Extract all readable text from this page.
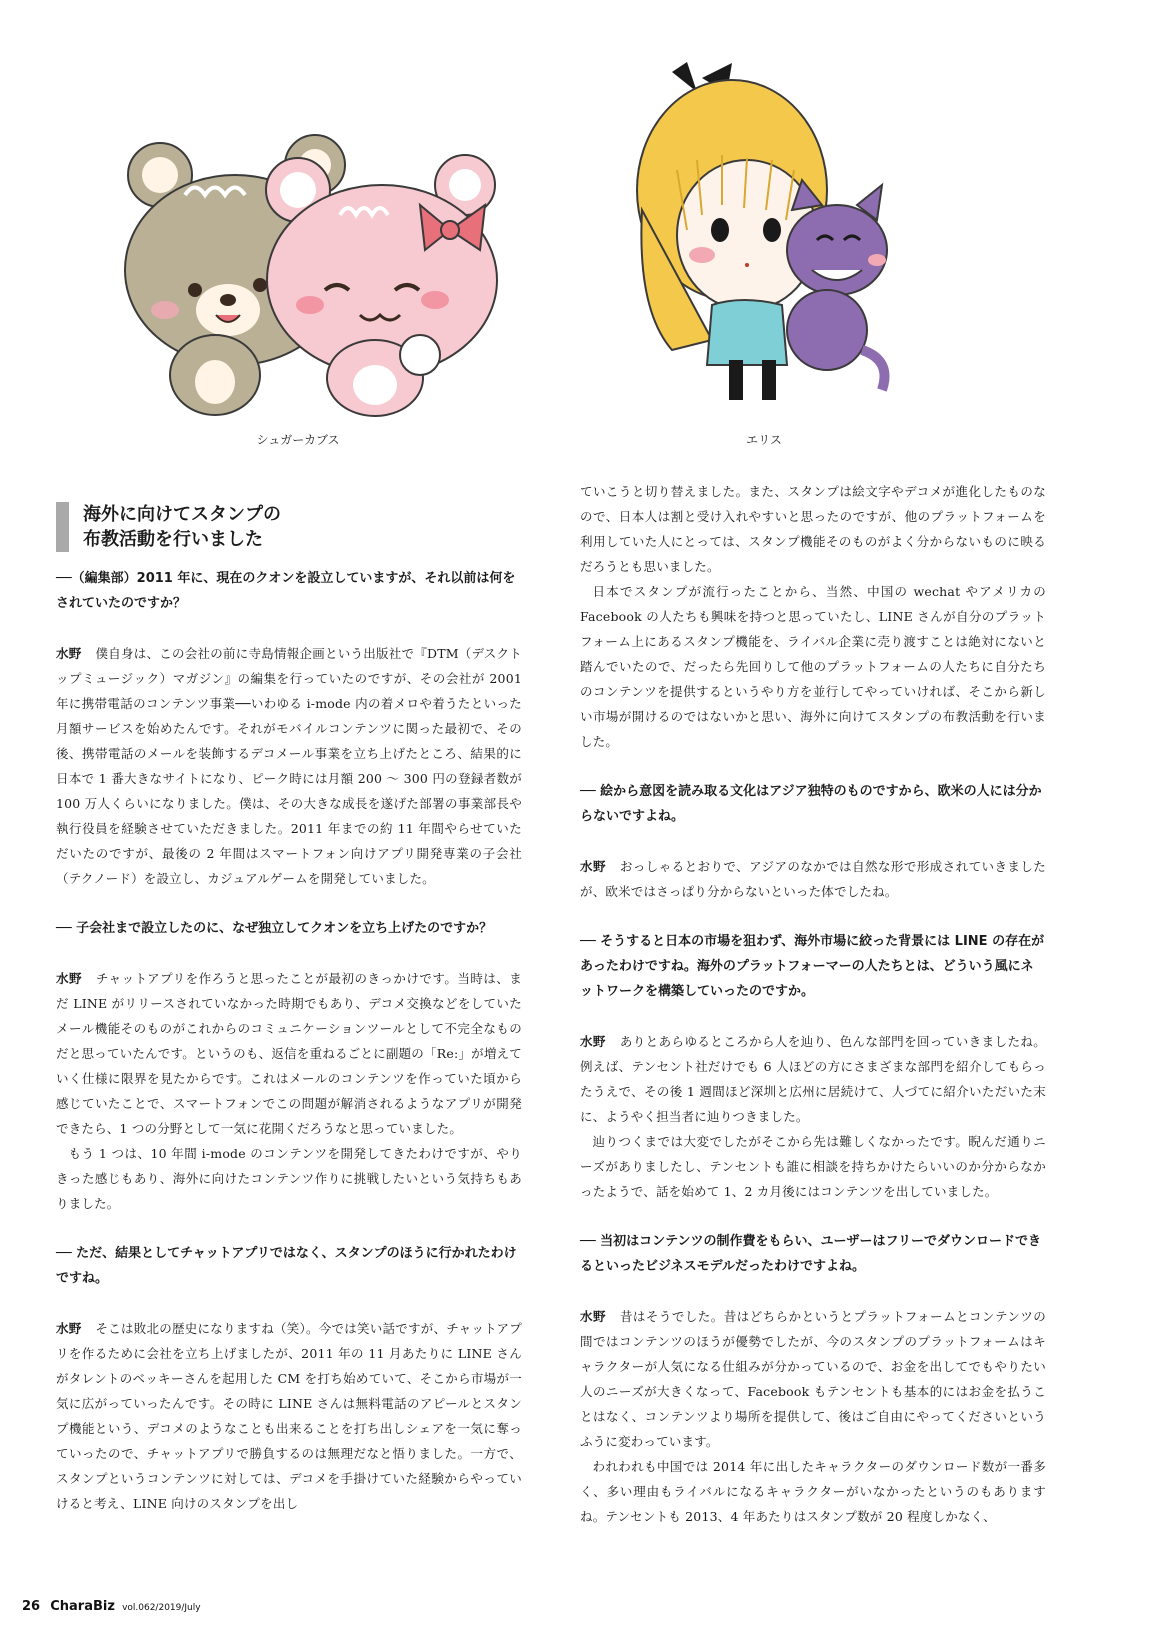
シュガーカブス	エリス
海外に向けてスタンプの
布教活動を行いました
──（編集部）2011 年に、現在のクオンを設立していますが、それ以前は何をされていたのですか？
水野 僕自身は、この会社の前に寺島情報企画という出版社で『DTM（デスクトップミュージック）マガジン』の編集を行っていたのですが、その会社が 2001 年に携帯電話のコンテンツ事業──いわゆる i-mode 内の着メロや着うたといった月額サービスを始めたんです。それがモバイルコンテンツに関った最初で、その後、携帯電話のメールを装飾するデコメール事業を立ち上げたところ、結果的に日本で 1 番大きなサイトになり、ピーク時には月額 200 ～ 300 円の登録者数が 100 万人くらいになりました。僕は、その大きな成長を遂げた部署の事業部長や執行役員を経験させていただきました。2011 年までの約 11 年間やらせていただいたのですが、最後の 2 年間はスマートフォン向けアプリ開発専業の子会社（テクノード）を設立し、カジュアルゲームを開発していました。
── 子会社まで設立したのに、なぜ独立してクオンを立ち上げたのですか？
水野 チャットアプリを作ろうと思ったことが最初のきっかけです。当時は、まだ LINE がリリースされていなかった時期でもあり、デコメ交換などをしていたメール機能そのものがこれからのコミュニケーションツールとして不完全なものだと思っていたんです。というのも、返信を重ねるごとに副題の「Re:」が増えていく仕様に限界を見たからです。これはメールのコンテンツを作っていた頃から感じていたことで、スマートフォンでこの問題が解消されるようなアプリが開発できたら、1 つの分野として一気に花開くだろうなと思っていました。
もう 1 つは、10 年間 i-mode のコンテンツを開発してきたわけですが、やりきった感じもあり、海外に向けたコンテンツ作りに挑戦したいという気持ちもありました。
── ただ、結果としてチャットアプリではなく、スタンプのほうに行かれたわけですね。
水野 そこは敗北の歴史になりますね（笑）。今では笑い話ですが、チャットアプリを作るために会社を立ち上げましたが、2011 年の 11 月あたりに LINE さんがタレントのベッキーさんを起用した CM を打ち始めていて、そこから市場が一気に広がっていったんです。その時に LINE さんは無料電話のアピールとスタンプ機能という、デコメのようなことも出来ることを打ち出しシェアを一気に奪っていったので、チャットアプリで勝負するのは無理だなと悟りました。一方で、スタンプというコンテンツに対しては、デコメを手掛けていた経験からやっていけると考え、LINE 向けのスタンプを出し
ていこうと切り替えました。また、スタンプは絵文字やデコメが進化したものなので、日本人は割と受け入れやすいと思ったのですが、他のプラットフォームを利用していた人にとっては、スタンプ機能そのものがよく分からないものに映るだろうとも思いました。
日本でスタンプが流行ったことから、当然、中国の wechat やアメリカの Facebook の人たちも興味を持つと思っていたし、LINE さんが自分のプラットフォーム上にあるスタンプ機能を、ライバル企業に売り渡すことは絶対にないと踏んでいたので、だったら先回りして他のプラットフォームの人たちに自分たちのコンテンツを提供するというやり方を並行してやっていければ、そこから新しい市場が開けるのではないかと思い、海外に向けてスタンプの布教活動を行いました。
── 絵から意図を読み取る文化はアジア独特のものですから、欧米の人には分からないですよね。
水野 おっしゃるとおりで、アジアのなかでは自然な形で形成されていきましたが、欧米ではさっぱり分からないといった体でしたね。
── そうすると日本の市場を狙わず、海外市場に絞った背景には LINE の存在があったわけですね。海外のプラットフォーマーの人たちとは、どういう風にネットワークを構築していったのですか。
水野 ありとあらゆるところから人を辿り、色んな部門を回っていきましたね。例えば、テンセント社だけでも 6 人ほどの方にさまざまな部門を紹介してもらったうえで、その後 1 週間ほど深圳と広州に居続けて、人づてに紹介いただいた末に、ようやく担当者に辿りつきました。
辿りつくまでは大変でしたがそこから先は難しくなかったです。睨んだ通りニーズがありましたし、テンセントも誰に相談を持ちかけたらいいのか分からなかったようで、話を始めて 1、2 カ月後にはコンテンツを出していました。
── 当初はコンテンツの制作費をもらい、ユーザーはフリーでダウンロードできるといったビジネスモデルだったわけですよね。
水野 昔はそうでした。昔はどちらかというとプラットフォームとコンテンツの間ではコンテンツのほうが優勢でしたが、今のスタンプのプラットフォームはキャラクターが人気になる仕組みが分かっているので、お金を出してでもやりたい人のニーズが大きくなって、Facebook もテンセントも基本的にはお金を払うことはなく、コンテンツより場所を提供して、後はご自由にやってくださいというふうに変わっています。
われわれも中国では 2014 年に出したキャラクターのダウンロード数が一番多く、多い理由もライバルになるキャラクターがいなかったというのもありますね。テンセントも 2013、4 年あたりはスタンプ数が 20 程度しかなく、
26 CharaBiz vol.062/2019/July
